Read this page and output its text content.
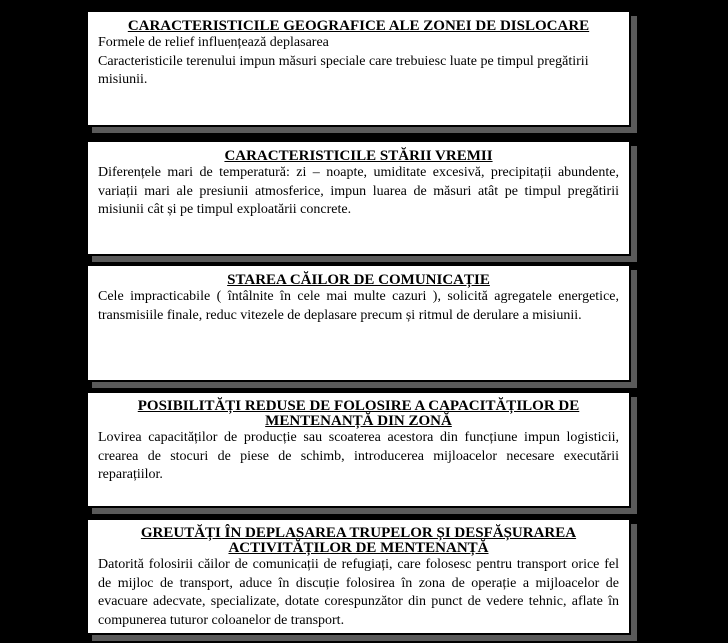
CARACTERISTICILE GEOGRAFICE ALE ZONEI DE DISLOCARE

Formele de relief influențează deplasarea

Caracteristicile terenului impun măsuri speciale care trebuiesc luate pe timpul pregătirii misiunii.

CARACTERISTICILE STĂRII VREMII

Diferențele mari de temperatură: zi – noapte, umiditate excesivă, precipitații abundente, variații mari ale presiunii atmosferice, impun luarea de măsuri atât pe timpul pregătirii misiunii cât și pe timpul exploatării concrete.

STAREA CĂILOR DE COMUNICAȚIE

Cele impracticabile ( întâlnite în cele mai multe cazuri ), solicită agregatele energetice, transmisiile finale, reduc vitezele de deplasare precum și ritmul de derulare a misiunii.

POSIBILITĂȚI REDUSE DE FOLOSIRE A CAPACITĂȚILOR DE MENTENANȚĂ DIN ZONĂ

Lovirea capacităților de producție sau scoaterea acestora din funcțiune impun logisticii, crearea de stocuri de piese de schimb, introducerea mijloacelor necesare executării reparațiilor.

GREUTĂȚI ÎN DEPLASAREA TRUPELOR ȘI DESFĂȘURAREA ACTIVITĂȚILOR DE MENTENANȚĂ

Datorită folosirii căilor de comunicații de refugiați, care folosesc pentru transport orice fel de mijloc de transport, aduce în discuție folosirea în zona de operație a mijloacelor de evacuare adecvate, specializate, dotate corespunzător din punct de vedere tehnic, aflate în compunerea tuturor coloanelor de transport.
